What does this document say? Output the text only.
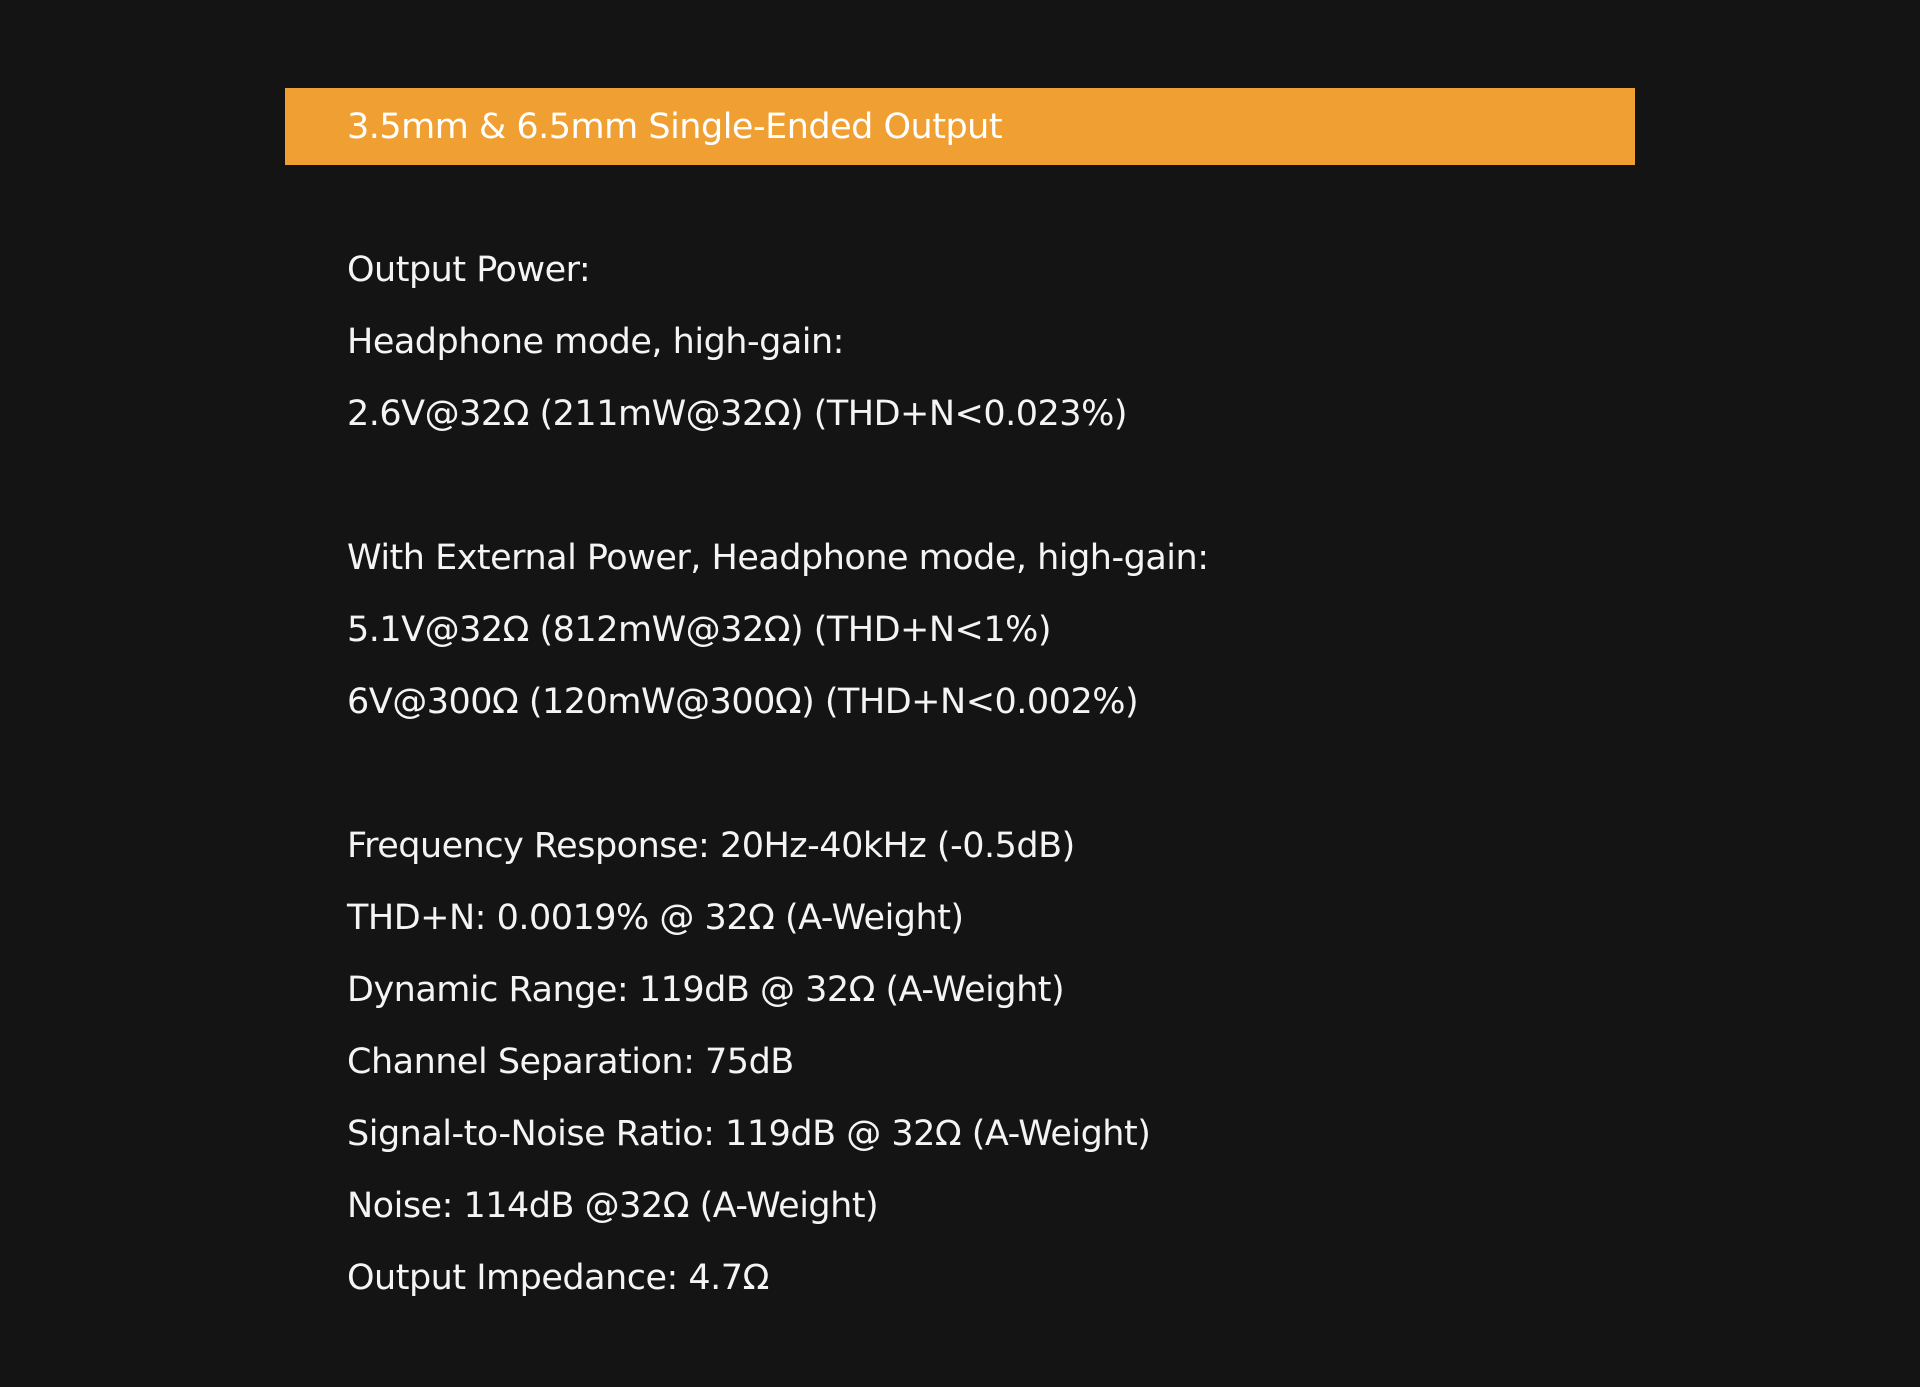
3.5mm & 6.5mm Single-Ended Output
Output Power:
Headphone mode, high-gain:
2.6V@32Ω (211mW@32Ω) (THD+N<0.023%)
With External Power, Headphone mode, high-gain:
5.1V@32Ω (812mW@32Ω) (THD+N<1%)
6V@300Ω (120mW@300Ω) (THD+N<0.002%)
Frequency Response: 20Hz-40kHz (-0.5dB)
THD+N: 0.0019% @ 32Ω (A-Weight)
Dynamic Range: 119dB @ 32Ω (A-Weight)
Channel Separation: 75dB
Signal-to-Noise Ratio: 119dB @ 32Ω (A-Weight)
Noise: 114dB @32Ω (A-Weight)
Output Impedance: 4.7Ω
